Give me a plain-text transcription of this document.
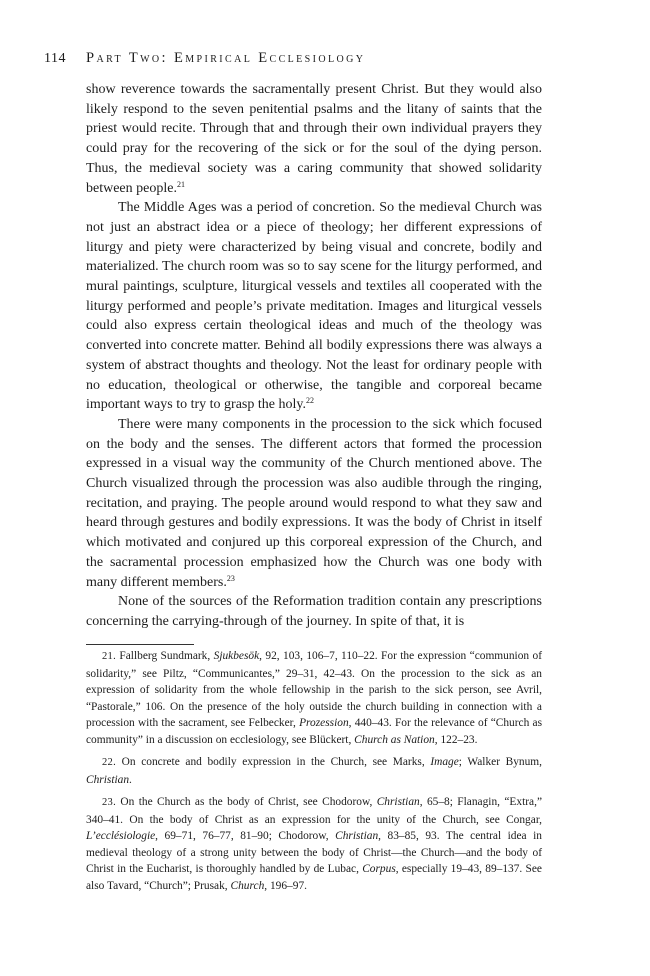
114 Part Two: Empirical Ecclesiology

show reverence towards the sacramentally present Christ. But they would also likely respond to the seven penitential psalms and the litany of saints that the priest would recite. Through that and through their own individual prayers they could pray for the recovering of the sick or for the soul of the dying person. Thus, the medieval society was a caring community that showed solidarity between people.$^{21}$

The Middle Ages was a period of concretion. So the medieval Church was not just an abstract idea or a piece of theology; her different expressions of liturgy and piety were characterized by being visual and concrete, bodily and materialized. The church room was so to say scene for the liturgy performed, and mural paintings, sculpture, liturgical vessels and textiles all cooperated with the liturgy performed and people’s private meditation. Images and liturgical vessels could also express certain theological ideas and much of the theology was converted into concrete matter. Behind all bodily expressions there was always a system of abstract thoughts and theology. Not the least for ordinary people with no education, theological or otherwise, the tangible and corporeal became important ways to try to grasp the holy.$^{22}$

There were many components in the procession to the sick which focused on the body and the senses. The different actors that formed the procession expressed in a visual way the community of the Church mentioned above. The Church visualized through the procession was also audible through the ringing, recitation, and praying. The people around would respond to what they saw and heard through gestures and bodily expressions. It was the body of Christ in itself which motivated and conjured up this corporeal expression of the Church, and the sacramental procession emphasized how the Church was one body with many different members.$^{23}$

None of the sources of the Reformation tradition contain any prescriptions concerning the carrying-through of the journey. In spite of that, it is

21. Fallberg Sundmark, Sjukbesök, 92, 103, 106–7, 110–22. For the expression “communion of solidarity,” see Piltz, “Communicantes,” 29–31, 42–43. On the procession to the sick as an expression of solidarity from the whole fellowship in the parish to the sick person, see Avril, “Pastorale,” 106. On the presence of the holy outside the church building in connection with a procession with the sacrament, see Felbecker, Prozession, 440–43. For the relevance of “Church as community” in a discussion on ecclesiology, see Blückert, Church as Nation, 122–23.

22. On concrete and bodily expression in the Church, see Marks, Image; Walker Bynum, Christian.

23. On the Church as the body of Christ, see Chodorow, Christian, 65–8; Flanagin, “Extra,” 340–41. On the body of Christ as an expression for the unity of the Church, see Congar, L’ecclésiologie, 69–71, 76–77, 81–90; Chodorow, Christian, 83–85, 93. The central idea in medieval theology of a strong unity between the body of Christ—the Church—and the body of Christ in the Eucharist, is thoroughly handled by de Lubac, Corpus, especially 19–43, 89–137. See also Tavard, “Church”; Prusak, Church, 196–97.
